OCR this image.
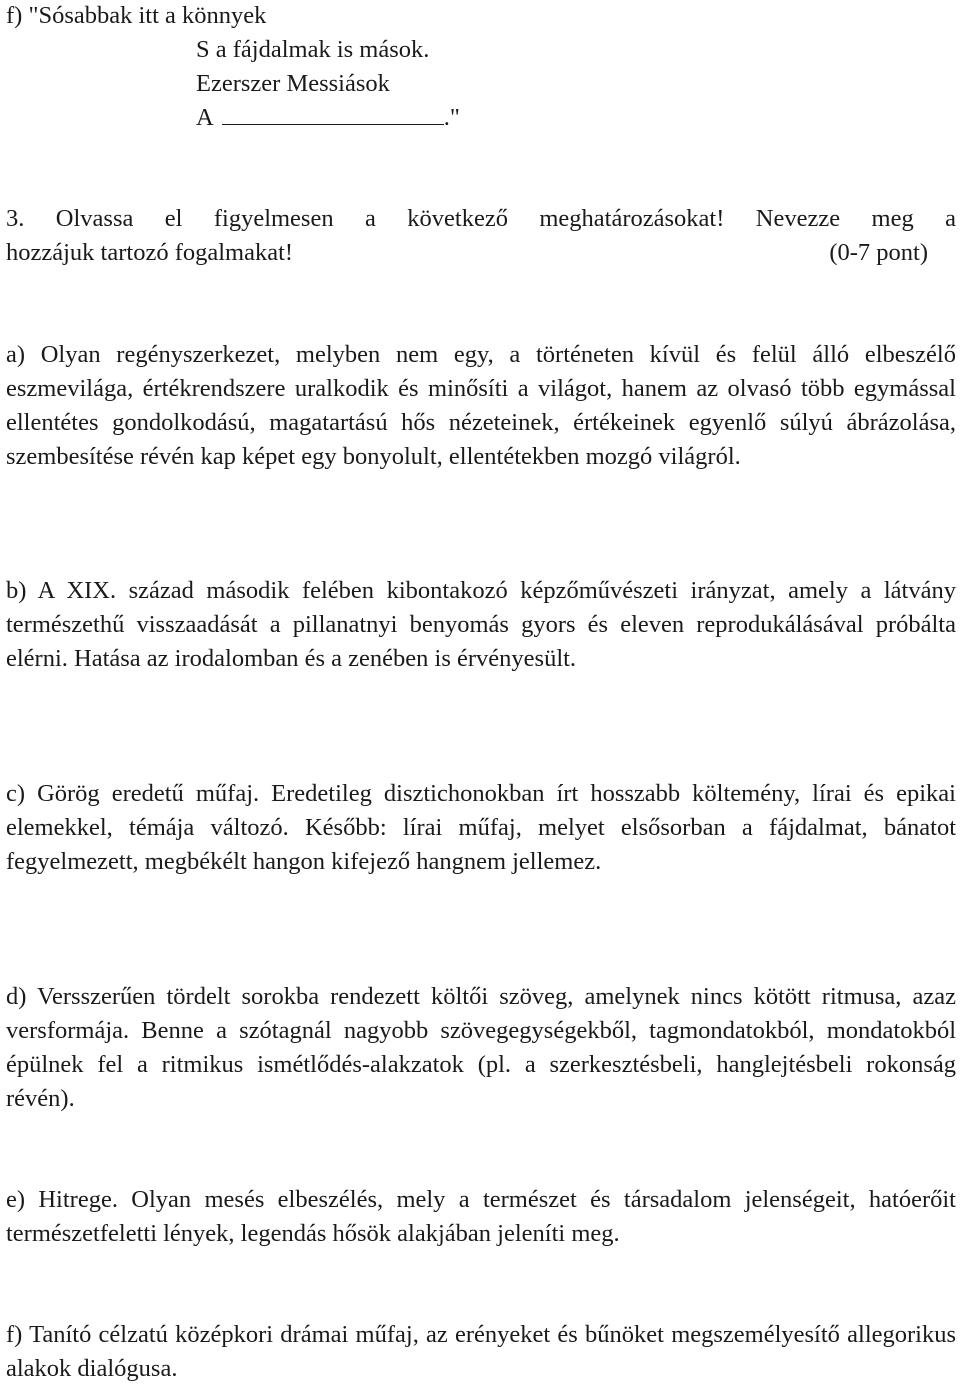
f) "Sósabbak itt a könnyek
S a fájdalmak is mások.
Ezerszer Messiások
A	."

3. Olvassa el figyelmesen a következő meghatározásokat! Nevezze meg a

hozzájuk tartozó fogalmakat!	(0-7 pont)

a) Olyan regényszerkezet, melyben nem egy, a történeten kívül és felül álló elbeszélő eszmevilága, értékrendszere uralkodik és minősíti a világot, hanem az olvasó több egymással ellentétes gondolkodású, magatartású hős nézeteinek, értékeinek egyenlő súlyú ábrázolása, szembesítése révén kap képet egy bonyolult, ellentétekben mozgó világról.

b) A XIX. század második felében kibontakozó képzőművészeti irányzat, amely a látvány természethű visszaadását a pillanatnyi benyomás gyors és eleven reprodukálásával próbálta elérni. Hatása az irodalomban és a zenében is érvényesült.

c) Görög eredetű műfaj. Eredetileg disztichonokban írt hosszabb költemény, lírai és epikai elemekkel, témája változó. Később: lírai műfaj, melyet elsősorban a fájdalmat, bánatot fegyelmezett, megbékélt hangon kifejező hangnem jellemez.

d) Versszerűen tördelt sorokba rendezett költői szöveg, amelynek nincs kötött ritmusa, azaz versformája. Benne a szótagnál nagyobb szövegegységekből, tagmondatokból, mondatokból épülnek fel a ritmikus ismétlődés-alakzatok (pl. a szerkesztésbeli, hanglejtésbeli rokonság révén).

e) Hitrege. Olyan mesés elbeszélés, mely a természet és társadalom jelenségeit, hatóerőit természetfeletti lények, legendás hősök alakjában jeleníti meg.

f) Tanító célzatú középkori drámai műfaj, az erényeket és bűnöket megszemélyesítő allegorikus alakok dialógusa.
